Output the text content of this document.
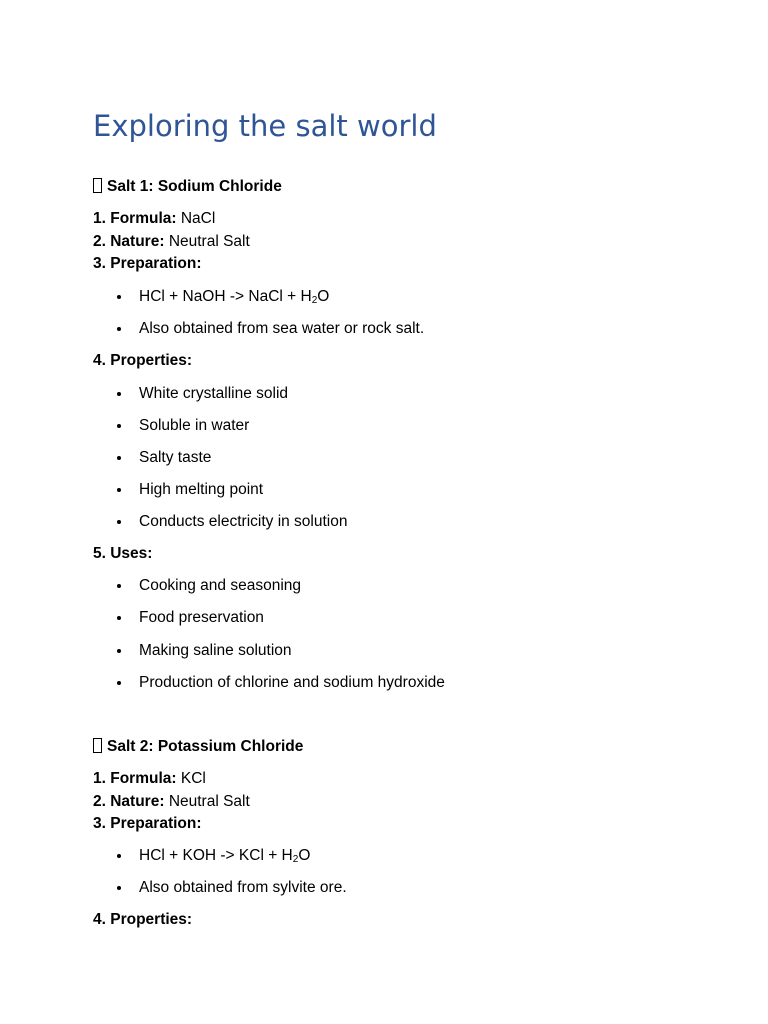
Exploring the salt world

Salt 1: Sodium Chloride

1. Formula: NaCl

2. Nature: Neutral Salt

3. Preparation:

HCl + NaOH -> NaCl + $H_2O$

Also obtained from sea water or rock salt.

4. Properties:

White crystalline solid

Soluble in water

Salty taste

High melting point

Conducts electricity in solution

5. Uses:

Cooking and seasoning

Food preservation

Making saline solution

Production of chlorine and sodium hydroxide

Salt 2: Potassium Chloride

1. Formula: KCl

2. Nature: Neutral Salt

3. Preparation:

HCl + KOH -> KCl + $H_2O$

Also obtained from sylvite ore.

4. Properties:
